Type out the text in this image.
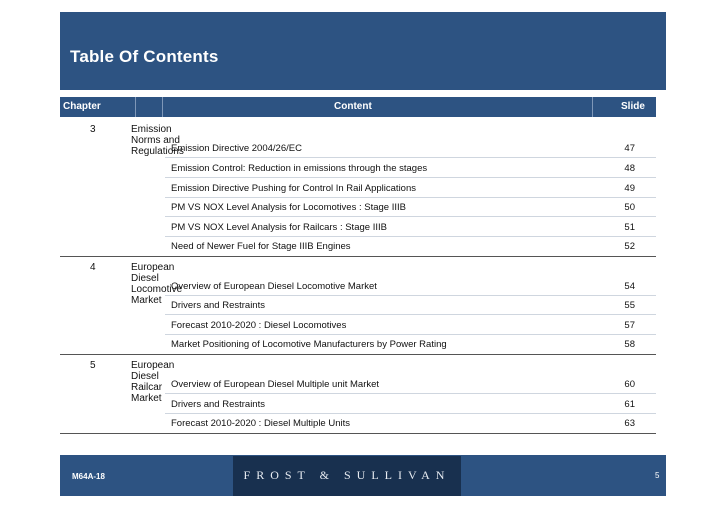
Table Of Contents
Chapter	Content	Slide
3	Emission Norms and Regulations
Emission Directive 2004/26/EC	47
Emission Control: Reduction in emissions through the stages	48
Emission Directive Pushing for Control In Rail Applications	49
PM VS NOX Level Analysis for Locomotives : Stage IIIB	50
PM VS NOX Level Analysis for Railcars : Stage IIIB	51
Need of Newer Fuel for Stage IIIB Engines	52
4	European Diesel Locomotive Market
Overview of European Diesel Locomotive Market	54
Drivers and Restraints	55
Forecast 2010-2020 : Diesel Locomotives	57
Market Positioning of Locomotive Manufacturers by Power Rating	58
5	European Diesel Railcar Market
Overview of European Diesel Multiple unit Market	60
Drivers and Restraints	61
Forecast 2010-2020 : Diesel Multiple Units	63
M64A-18	FROST & SULLIVAN	5
